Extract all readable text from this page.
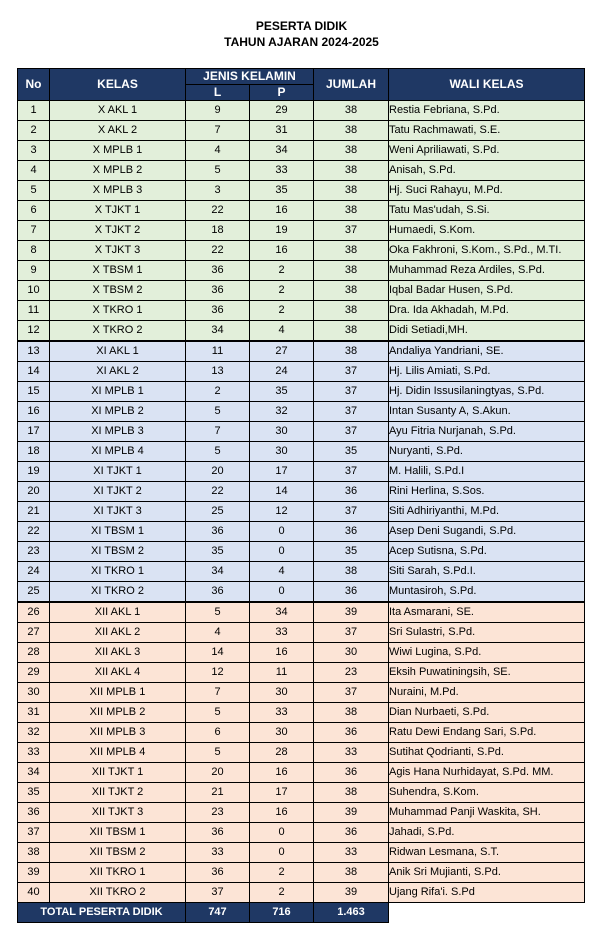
PESERTA DIDIK
TAHUN AJARAN 2024-2025
No	KELAS	JENIS KELAMIN		JUMLAH	WALI KELAS
		L	P		
1	X AKL 1	9	29	38	Restia Febriana, S.Pd.
2	X AKL 2	7	31	38	Tatu Rachmawati, S.E.
3	X MPLB 1	4	34	38	Weni Apriliawati, S.Pd.
4	X MPLB 2	5	33	38	Anisah, S.Pd.
5	X MPLB 3	3	35	38	Hj. Suci Rahayu, M.Pd.
6	X TJKT 1	22	16	38	Tatu Mas'udah, S.Si.
7	X TJKT 2	18	19	37	Humaedi, S.Kom.
8	X TJKT 3	22	16	38	Oka Fakhroni, S.Kom., S.Pd., M.TI.
9	X TBSM 1	36	2	38	Muhammad Reza Ardiles, S.Pd.
10	X TBSM 2	36	2	38	Iqbal Badar Husen, S.Pd.
11	X TKRO 1	36	2	38	Dra. Ida Akhadah, M.Pd.
12	X TKRO 2	34	4	38	Didi Setiadi,MH.
13	XI AKL 1	11	27	38	Andaliya Yandriani, SE.
14	XI AKL 2	13	24	37	Hj. Lilis Amiati, S.Pd.
15	XI MPLB 1	2	35	37	Hj. Didin Issusilaningtyas, S.Pd.
16	XI MPLB 2	5	32	37	Intan Susanty A, S.Akun.
17	XI MPLB 3	7	30	37	Ayu Fitria Nurjanah, S.Pd.
18	XI MPLB 4	5	30	35	Nuryanti, S.Pd.
19	XI TJKT 1	20	17	37	M. Halili, S.Pd.I
20	XI TJKT 2	22	14	36	Rini Herlina, S.Sos.
21	XI TJKT 3	25	12	37	Siti Adhiriyanthi, M.Pd.
22	XI TBSM 1	36	0	36	Asep Deni Sugandi, S.Pd.
23	XI TBSM 2	35	0	35	Acep Sutisna, S.Pd.
24	XI TKRO 1	34	4	38	Siti Sarah, S.Pd.I.
25	XI TKRO 2	36	0	36	Muntasiroh, S.Pd.
26	XII AKL 1	5	34	39	Ita Asmarani, SE.
27	XII AKL 2	4	33	37	Sri Sulastri, S.Pd.
28	XII AKL 3	14	16	30	Wiwi Lugina, S.Pd.
29	XII AKL 4	12	11	23	Eksih Puwatiningsih, SE.
30	XII MPLB 1	7	30	37	Nuraini, M.Pd.
31	XII MPLB 2	5	33	38	Dian Nurbaeti, S.Pd.
32	XII MPLB 3	6	30	36	Ratu Dewi Endang Sari, S.Pd.
33	XII MPLB 4	5	28	33	Sutihat Qodrianti, S.Pd.
34	XII TJKT 1	20	16	36	Agis Hana Nurhidayat, S.Pd. MM.
35	XII TJKT 2	21	17	38	Suhendra, S.Kom.
36	XII TJKT 3	23	16	39	Muhammad Panji Waskita, SH.
37	XII TBSM 1	36	0	36	Jahadi, S.Pd.
38	XII TBSM 2	33	0	33	Ridwan Lesmana, S.T.
39	XII TKRO 1	36	2	38	Anik Sri Mujianti, S.Pd.
40	XII TKRO 2	37	2	39	Ujang Rifa'i. S.Pd
TOTAL PESERTA DIDIK		747	716	1.463	
